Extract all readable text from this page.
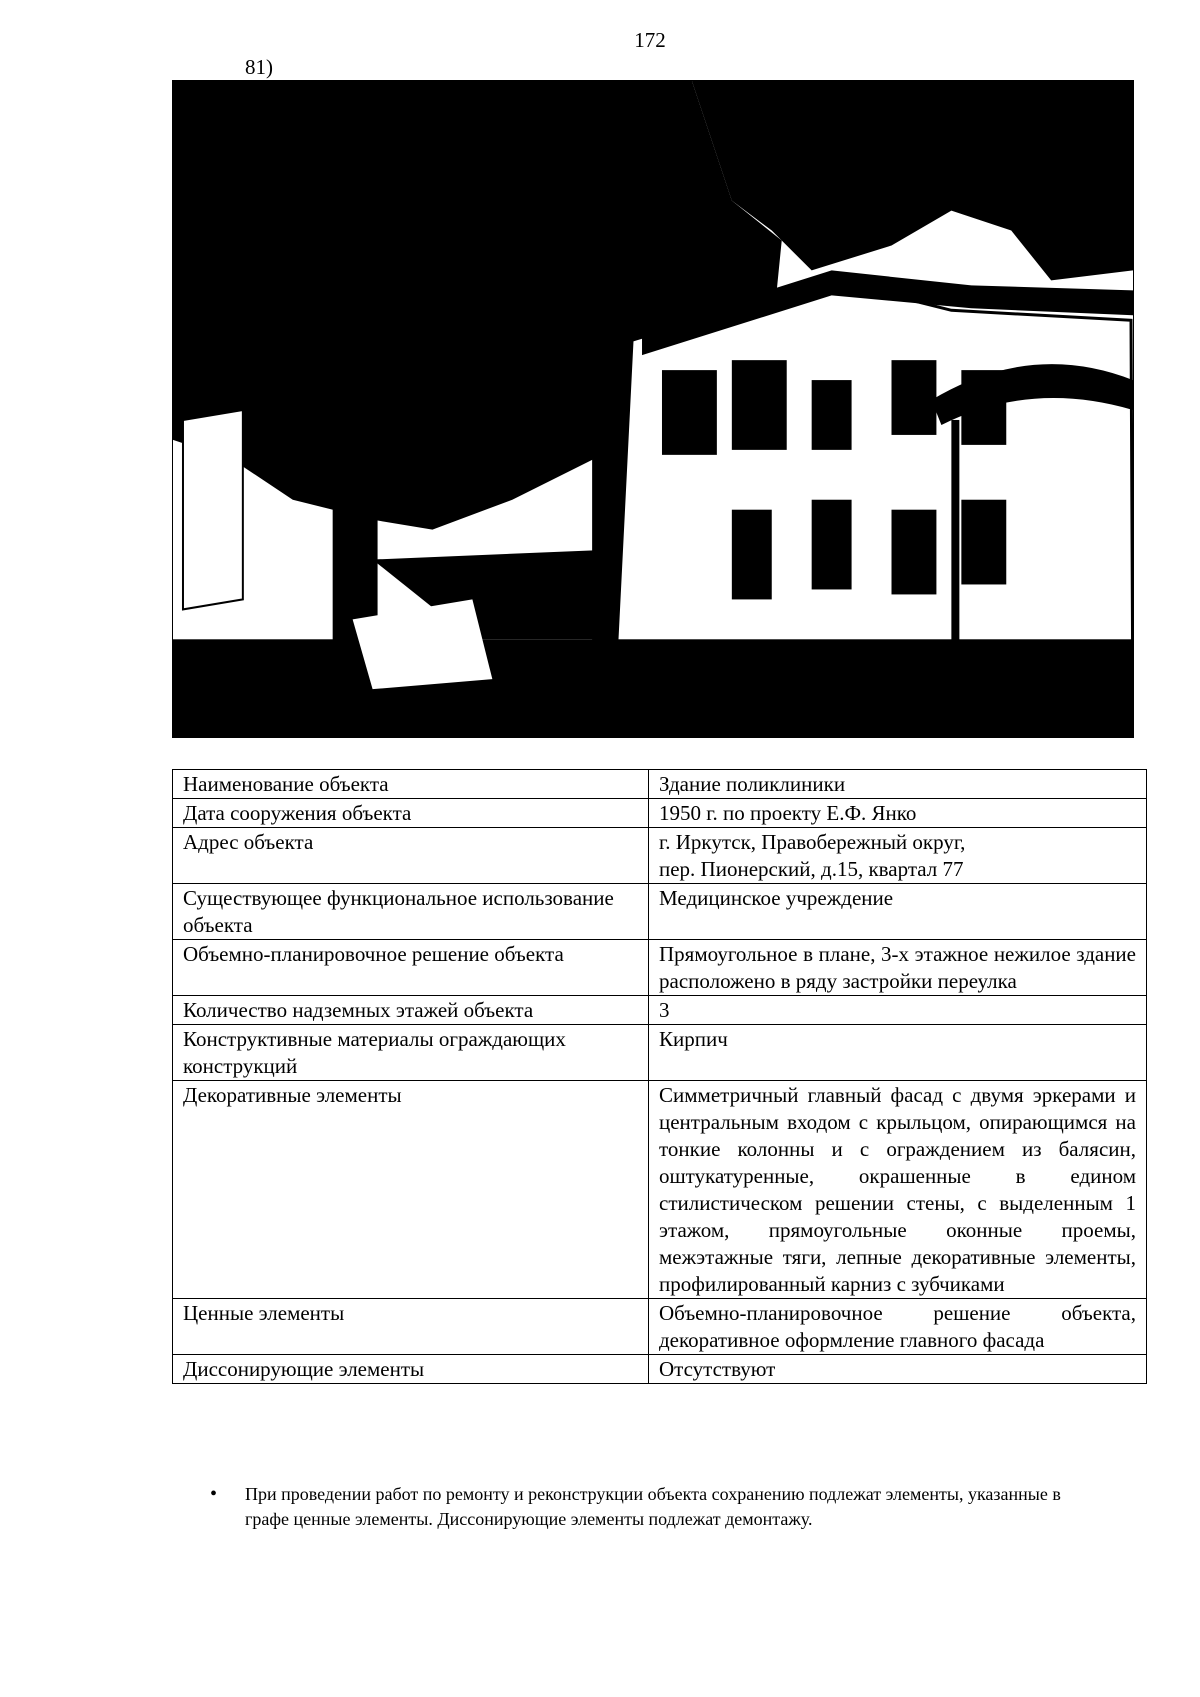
172
81)
Наименование объекта	Здание поликлиники
Дата сооружения объекта	1950 г. по проекту Е.Ф. Янко
Адрес объекта	г. Иркутск, Правобережный округ,
пер. Пионерский, д.15, квартал 77

Существующее функциональное использование объекта	Медицинское учреждение
Объемно-планировочное решение объекта	Прямоугольное в плане, 3-х этажное нежилое здание расположено в ряду застройки переулка
Количество надземных этажей объекта	3
Конструктивные материалы ограждающих конструкций	Кирпич
Декоративные элементы	Симметричный главный фасад с двумя эркерами и центральным входом с крыльцом, опирающимся на тонкие колонны и с ограждением из балясин, оштукатуренные, окрашенные в едином стилистическом решении стены, с выделенным 1 этажом, прямоугольные оконные проемы, межэтажные тяги, лепные декоративные элементы, профилированный карниз с зубчиками
Ценные элементы	Объемно-планировочное решение объекта, декоративное оформление главного фасада
Диссонирующие элементы	Отсутствуют
• При проведении работ по ремонту и реконструкции объекта сохранению подлежат элементы, указанные в графе ценные элементы. Диссонирующие элементы подлежат демонтажу.
